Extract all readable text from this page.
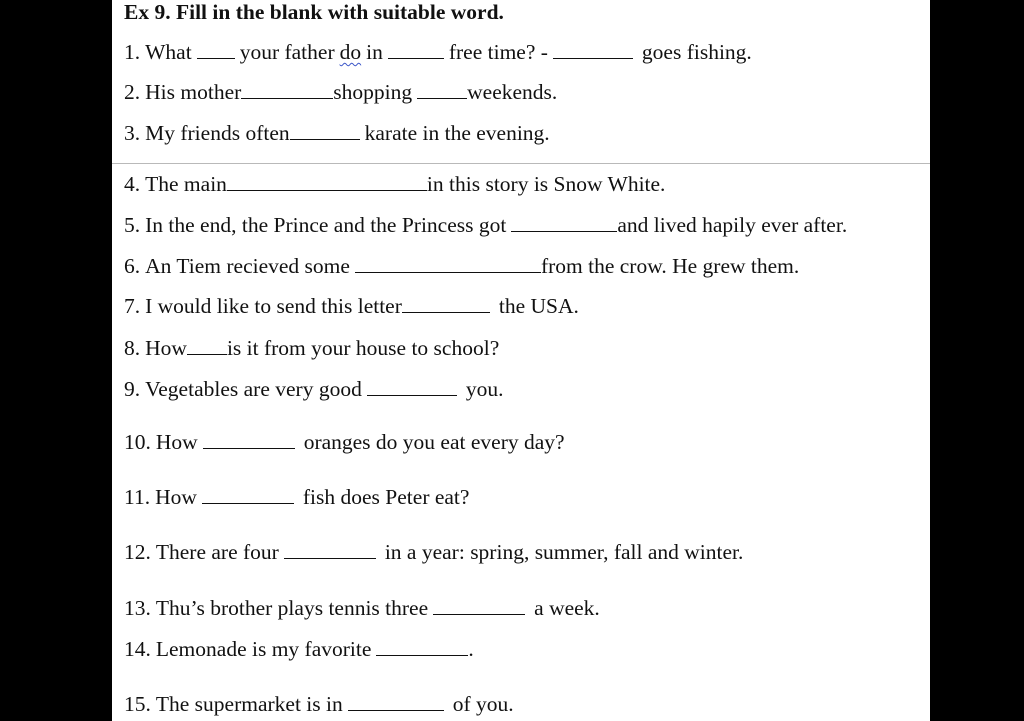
Ex 9. Fill in the blank with suitable word.
1. What your father do in	free time? -	goes fishing.
2. His mother	shopping	weekends.
3. My friends often	karate in the evening.
4. The main	in this story is Snow White.
5. In the end, the Prince and the Princess got	and lived hapily ever after.
6. An Tiem recieved some	from the crow. He grew them.
7. I would like to send this letter	the USA.
8. How is it from your house to school?
9. Vegetables are very good	you.
10. How	oranges do you eat every day?
11. How	fish does Peter eat?
12. There are four	in a year: spring, summer, fall and winter.
13. Thu’s brother plays tennis three	a week.
14. Lemonade is my favorite	.
15. The supermarket is in	of you.
